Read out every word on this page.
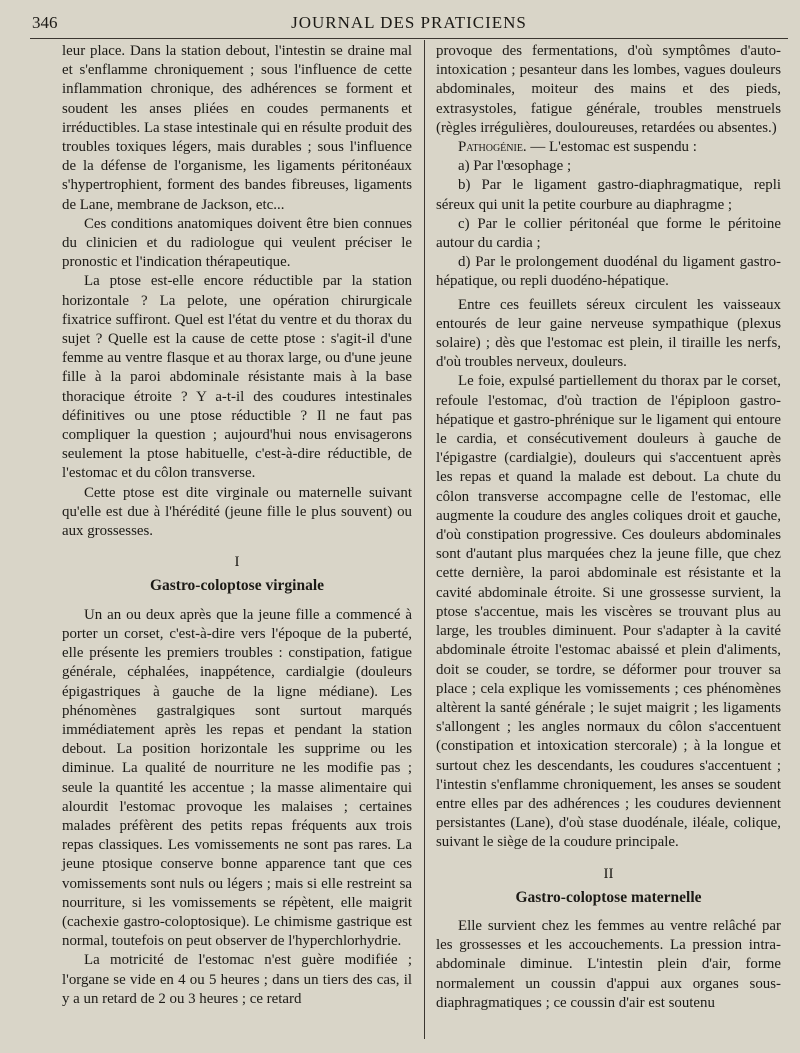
346	JOURNAL DES PRATICIENS

leur place. Dans la station debout, l'intestin se draine mal et s'enflamme chroniquement ; sous l'influence de cette inflammation chronique, des adhérences se forment et soudent les anses pliées en coudes permanents et irréductibles. La stase intestinale qui en résulte produit des troubles toxiques légers, mais durables ; sous l'influence de la défense de l'organisme, les ligaments péritonéaux s'hypertrophient, forment des bandes fibreuses, ligaments de Lane, membrane de Jackson, etc...

Ces conditions anatomiques doivent être bien connues du clinicien et du radiologue qui veulent préciser le pronostic et l'indication thérapeutique.

La ptose est-elle encore réductible par la station horizontale ? La pelote, une opération chirurgicale fixatrice suffiront. Quel est l'état du ventre et du thorax du sujet ? Quelle est la cause de cette ptose : s'agit-il d'une femme au ventre flasque et au thorax large, ou d'une jeune fille à la paroi abdominale résistante mais à la base thoracique étroite ? Y a-t-il des coudures intestinales définitives ou une ptose réductible ? Il ne faut pas compliquer la question ; aujourd'hui nous envisagerons seulement la ptose habituelle, c'est-à-dire réductible, de l'estomac et du côlon transverse.

Cette ptose est dite virginale ou maternelle suivant qu'elle est due à l'hérédité (jeune fille le plus souvent) ou aux grossesses.

I
Gastro-coloptose virginale

Un an ou deux après que la jeune fille a commencé à porter un corset, c'est-à-dire vers l'époque de la puberté, elle présente les premiers troubles : constipation, fatigue générale, céphalées, inappétence, cardialgie (douleurs épigastriques à gauche de la ligne médiane). Les phénomènes gastralgiques sont surtout marqués immédiatement après les repas et pendant la station debout. La position horizontale les supprime ou les diminue. La qualité de nourriture ne les modifie pas ; seule la quantité les accentue ; la masse alimentaire qui alourdit l'estomac provoque les malaises ; certaines malades préfèrent des petits repas fréquents aux trois repas classiques. Les vomissements ne sont pas rares. La jeune ptosique conserve bonne apparence tant que ces vomissements sont nuls ou légers ; mais si elle restreint sa nourriture, si les vomissements se répètent, elle maigrit (cachexie gastro-coloptosique). Le chimisme gastrique est normal, toutefois on peut observer de l'hyperchlorhydrie.

La motricité de l'estomac n'est guère modifiée ; l'organe se vide en 4 ou 5 heures ; dans un tiers des cas, il y a un retard de 2 ou 3 heures ; ce retard

provoque des fermentations, d'où symptômes d'auto-intoxication ; pesanteur dans les lombes, vagues douleurs abdominales, moiteur des mains et des pieds, extrasystoles, fatigue générale, troubles menstruels (règles irrégulières, douloureuses, retardées ou absentes.)

Pathogénie. — L'estomac est suspendu :

a) Par l'œsophage ;

b) Par le ligament gastro-diaphragmatique, repli séreux qui unit la petite courbure au diaphragme ;

c) Par le collier péritonéal que forme le péritoine autour du cardia ;

d) Par le prolongement duodénal du ligament gastro-hépatique, ou repli duodéno-hépatique.

Entre ces feuillets séreux circulent les vaisseaux entourés de leur gaine nerveuse sympathique (plexus solaire) ; dès que l'estomac est plein, il tiraille les nerfs, d'où troubles nerveux, douleurs.

Le foie, expulsé partiellement du thorax par le corset, refoule l'estomac, d'où traction de l'épiploon gastro-hépatique et gastro-phrénique sur le ligament qui entoure le cardia, et consécutivement douleurs à gauche de l'épigastre (cardialgie), douleurs qui s'accentuent après les repas et quand la malade est debout. La chute du côlon transverse accompagne celle de l'estomac, elle augmente la coudure des angles coliques droit et gauche, d'où constipation progressive. Ces douleurs abdominales sont d'autant plus marquées chez la jeune fille, que chez cette dernière, la paroi abdominale est résistante et la cavité abdominale étroite. Si une grossesse survient, la ptose s'accentue, mais les viscères se trouvant plus au large, les troubles diminuent. Pour s'adapter à la cavité abdominale étroite l'estomac abaissé et plein d'aliments, doit se couder, se tordre, se déformer pour trouver sa place ; cela explique les vomissements ; ces phénomènes altèrent la santé générale ; le sujet maigrit ; les ligaments s'allongent ; les angles normaux du côlon s'accentuent (constipation et intoxication stercorale) ; à la longue et surtout chez les descendants, les coudures s'accentuent ; l'intestin s'enflamme chroniquement, les anses se soudent entre elles par des adhérences ; les coudures deviennent persistantes (Lane), d'où stase duodénale, iléale, colique, suivant le siège de la coudure principale.

II
Gastro-coloptose maternelle

Elle survient chez les femmes au ventre relâché par les grossesses et les accouchements. La pression intra-abdominale diminue. L'intestin plein d'air, forme normalement un coussin d'appui aux organes sous-diaphragmatiques ; ce coussin d'air est soutenu
